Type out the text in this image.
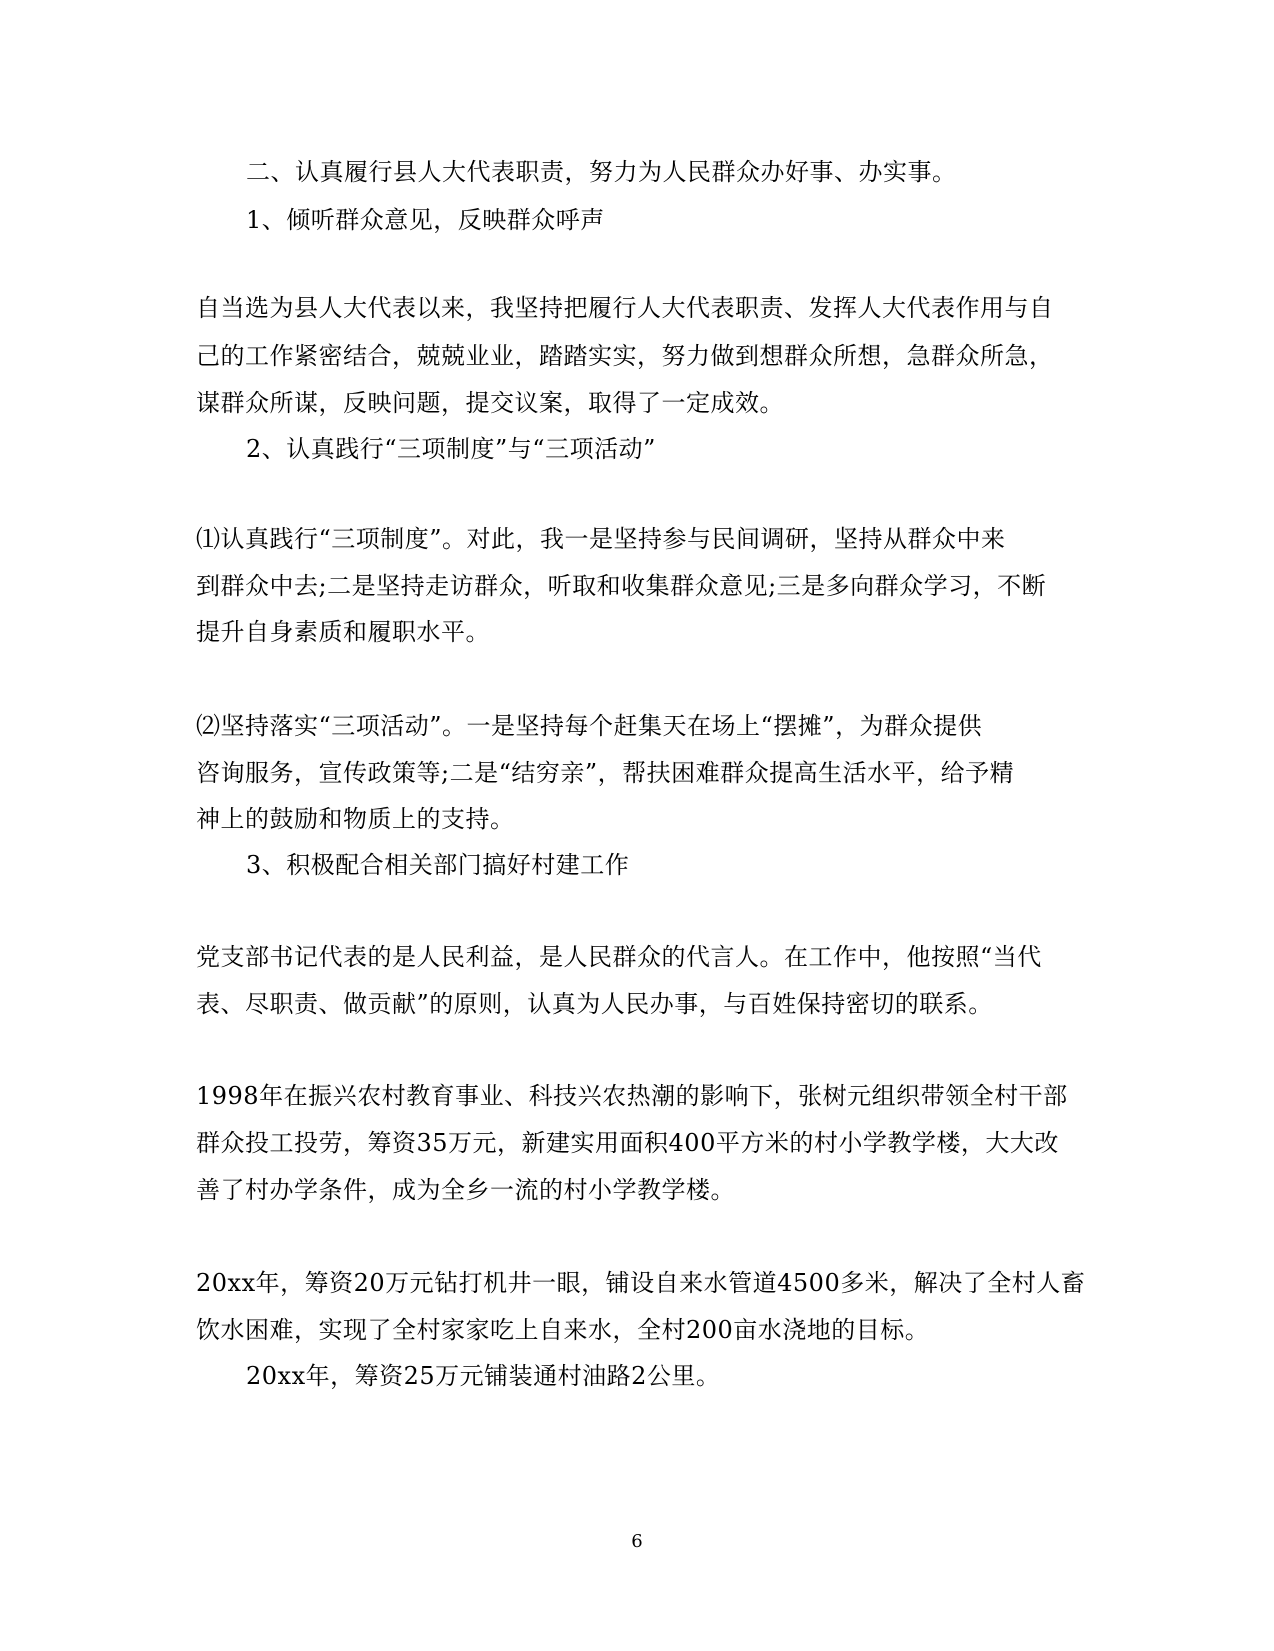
二、认真履行县人大代表职责，努力为人民群众办好事、办实事。
1、倾听群众意见，反映群众呼声
自当选为县人大代表以来，我坚持把履行人大代表职责、发挥人大代表作用与自
己的工作紧密结合，兢兢业业，踏踏实实，努力做到想群众所想，急群众所急，
谋群众所谋，反映问题，提交议案，取得了一定成效。
2、认真践行“三项制度”与“三项活动”
⑴认真践行“三项制度”。对此，我一是坚持参与民间调研，坚持从群众中来
到群众中去;二是坚持走访群众，听取和收集群众意见;三是多向群众学习，不断
提升自身素质和履职水平。
⑵坚持落实“三项活动”。一是坚持每个赶集天在场上“摆摊”，为群众提供
咨询服务，宣传政策等;二是“结穷亲”，帮扶困难群众提高生活水平，给予精
神上的鼓励和物质上的支持。
3、积极配合相关部门搞好村建工作
党支部书记代表的是人民利益，是人民群众的代言人。在工作中，他按照“当代
表、尽职责、做贡献”的原则，认真为人民办事，与百姓保持密切的联系。
1998年在振兴农村教育事业、科技兴农热潮的影响下，张树元组织带领全村干部
群众投工投劳，筹资35万元，新建实用面积400平方米的村小学教学楼，大大改
善了村办学条件，成为全乡一流的村小学教学楼。
20xx年，筹资20万元钻打机井一眼，铺设自来水管道4500多米，解决了全村人畜
饮水困难，实现了全村家家吃上自来水，全村200亩水浇地的目标。
20xx年，筹资25万元铺装通村油路2公里。
6
